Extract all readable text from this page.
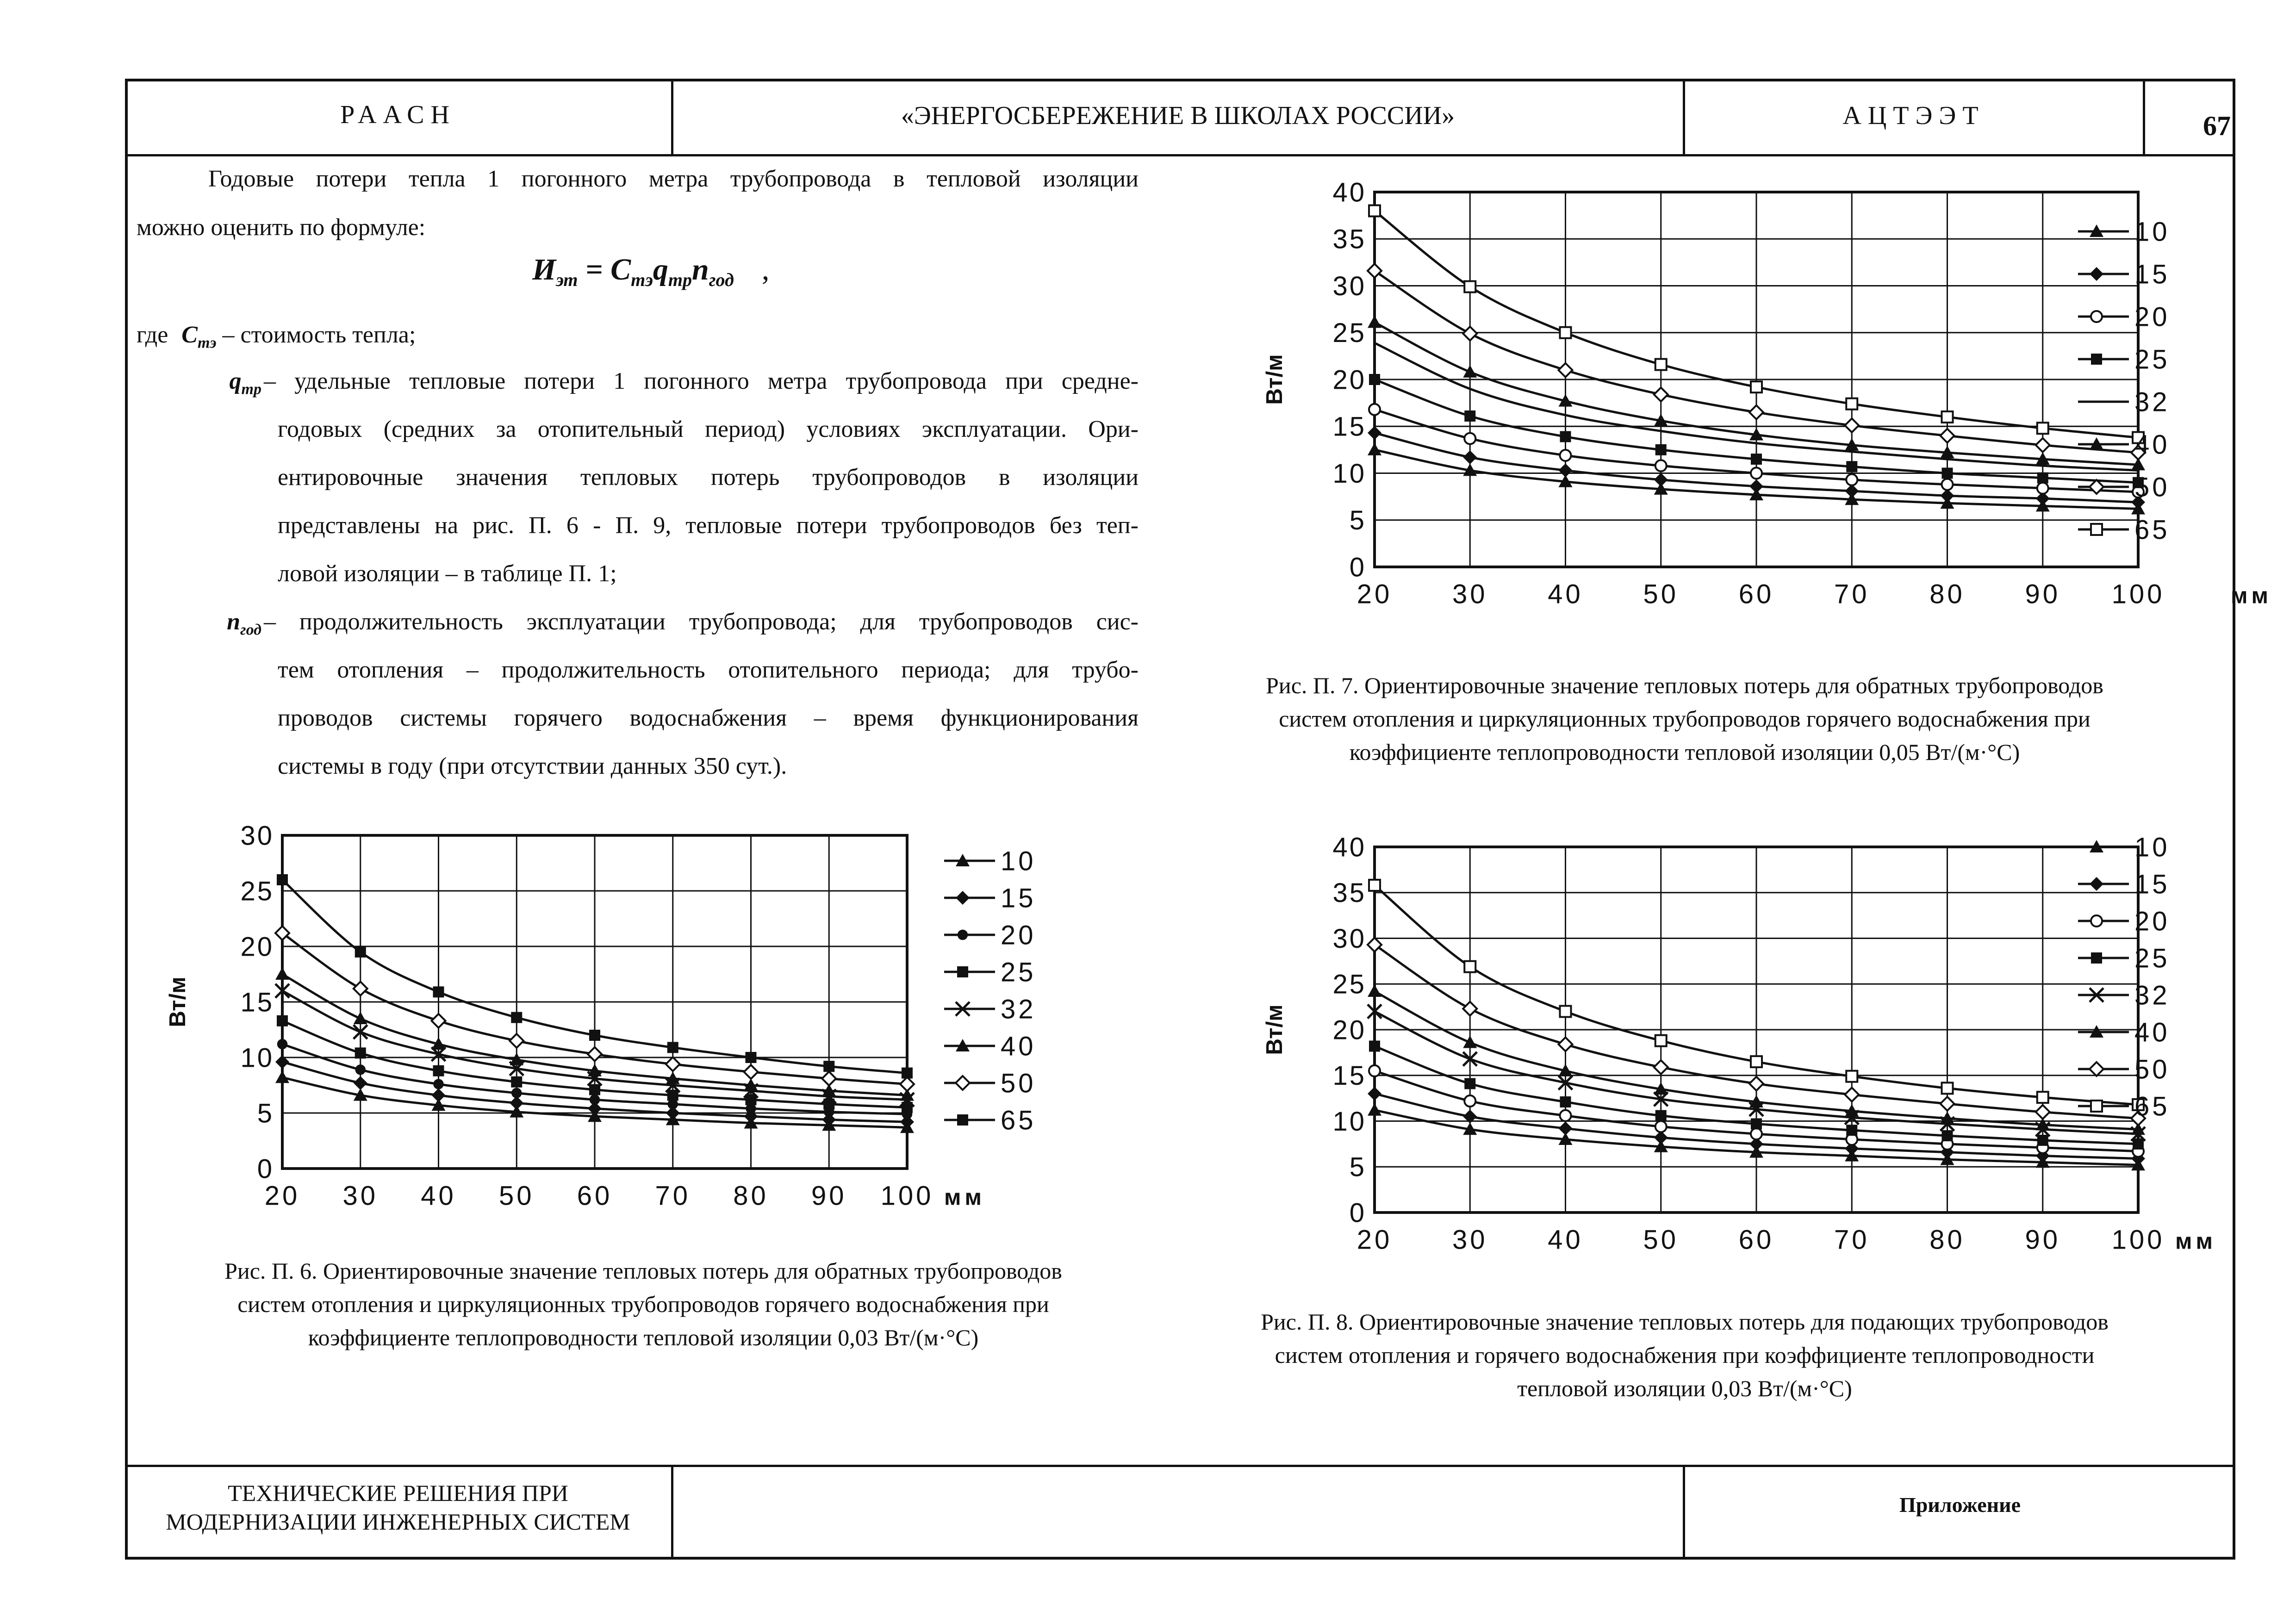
РААСН	«ЭНЕРГОСБЕРЕЖЕНИЕ В ШКОЛАХ РОССИИ»	АЦТЭЭТ	67
ТЕХНИЧЕСКИЕ РЕШЕНИЯ ПРИ
МОДЕРНИЗАЦИИ ИНЖЕНЕРНЫХ СИСТЕМ
Приложение
Годовые потери тепла 1 погонного метра трубопровода в тепловой изоляции
можно оценить по формуле:
$И_{эт} = C_{тэ}q_{тр}n_{год}$ ,
где $C_{тэ}$ – стоимость тепла;
$q_{тр}$ – удельные тепловые потери 1 погонного метра трубопровода при средне-
годовых (средних за отопительный период) условиях эксплуатации. Ори-
ентировочные значения тепловых потерь трубопроводов в изоляции
представлены на рис. П. 6 - П. 9, тепловые потери трубопроводов без теп-
ловой изоляции – в таблице П. 1;
$n_{год}$ – продолжительность эксплуатации трубопровода; для трубопроводов сис-
тем отопления – продолжительность отопительного периода; для трубо-
проводов системы горячего водоснабжения – время функционирования
системы в году (при отсутствии данных 350 сут.).
0
5
10
15
20
25
30
20 30 40 50 60 70 80 90 100 мм
Вт/м
10
15
20
25
32
40
50
65
0
5
10
15
20
25
30
35
40
20 30 40 50 60 70 80 90 100	мм
Вт/м
10
15
20
25
32
40
50
65
0
5
10
15
20
25
30
35
40
20 30 40 50 60 70 80 90 100 мм
Вт/м
10
15
20
25
32
40
50
65
Рис. П. 6. Ориентировочные значение тепловых потерь для обратных трубопроводов
систем отопления и циркуляционных трубопроводов горячего водоснабжения при
коэффициенте теплопроводности тепловой изоляции 0,03 Вт/(м·°С)
Рис. П. 7. Ориентировочные значение тепловых потерь для обратных трубопроводов
систем отопления и циркуляционных трубопроводов горячего водоснабжения при
коэффициенте теплопроводности тепловой изоляции 0,05 Вт/(м·°С)
Рис. П. 8. Ориентировочные значение тепловых потерь для подающих трубопроводов
систем отопления и горячего водоснабжения при коэффициенте теплопроводности
тепловой изоляции 0,03 Вт/(м·°С)
